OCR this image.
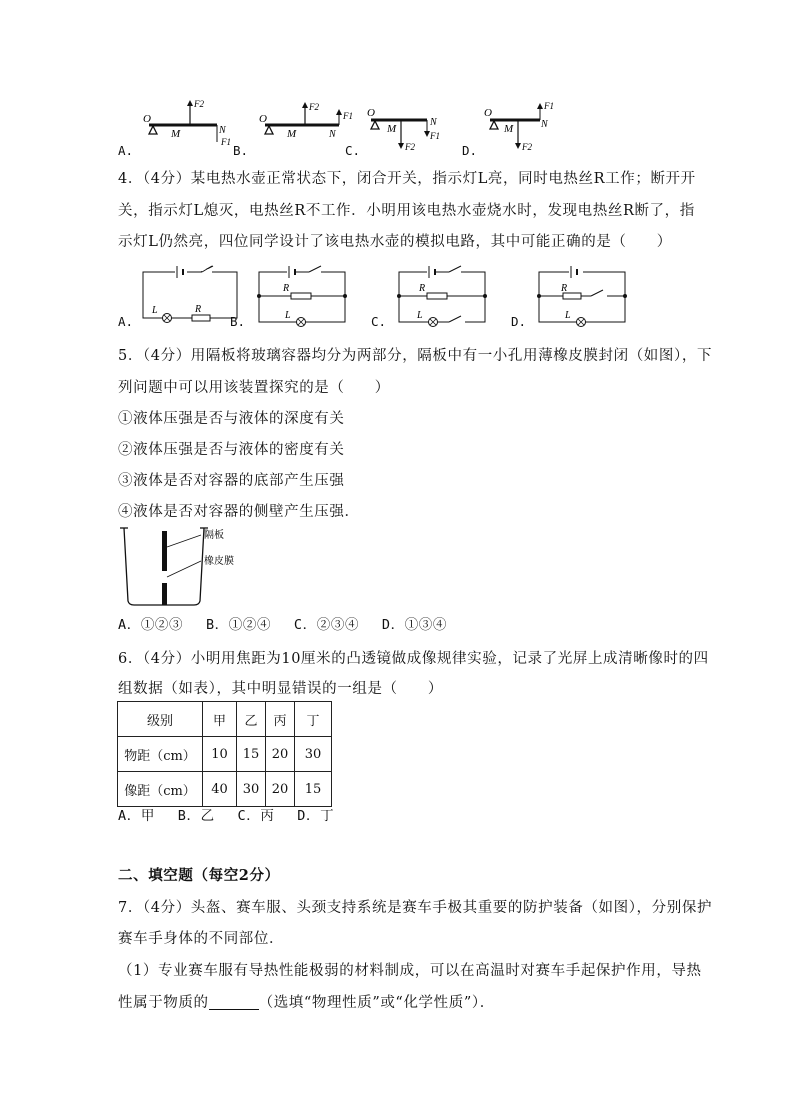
A.
O
M	N
F2
F1
B.
O
M	N
F2
F1
C.
O
M
N
F1
F2	D.
O
M	N
F1
F2
4．（4分）某电热水壶正常状态下，闭合开关，指示灯L亮，同时电热丝R工作；断开开
关，指示灯L熄灭，电热丝R不工作．小明用该电热水壶烧水时，发现电热丝R断了，指
示灯L仍然亮，四位同学设计了该电热水壶的模拟电路，其中可能正确的是（　　）
A.
L	R
B.
R
L	C.
R
L	D.
R
L
5．（4分）用隔板将玻璃容器均分为两部分，隔板中有一小孔用薄橡皮膜封闭（如图），下
列问题中可以用该装置探究的是（　　）
①液体压强是否与液体的深度有关
②液体压强是否与液体的密度有关
③液体是否对容器的底部产生压强
④液体是否对容器的侧壁产生压强．
隔板
橡皮膜
A．①②③　 B．①②④　 C．②③④　 D．①③④
6．（4分）小明用焦距为10厘米的凸透镜做成像规律实验，记录了光屏上成清晰像时的四
组数据（如表），其中明显错误的一组是（　　）
级别	甲	乙	丙	丁
物距（cm）	10	15	20	30
像距（cm）	40	30	20	15
A．甲　 B．乙　 C．丙　 D．丁
二、填空题（每空2分）
7．（4分）头盔、赛车服、头颈支持系统是赛车手极其重要的防护装备（如图），分别保护
赛车手身体的不同部位．
（1）专业赛车服有导热性能极弱的材料制成，可以在高温时对赛车手起保护作用，导热
性属于物质的	（选填“物理性质”或“化学性质”）．
